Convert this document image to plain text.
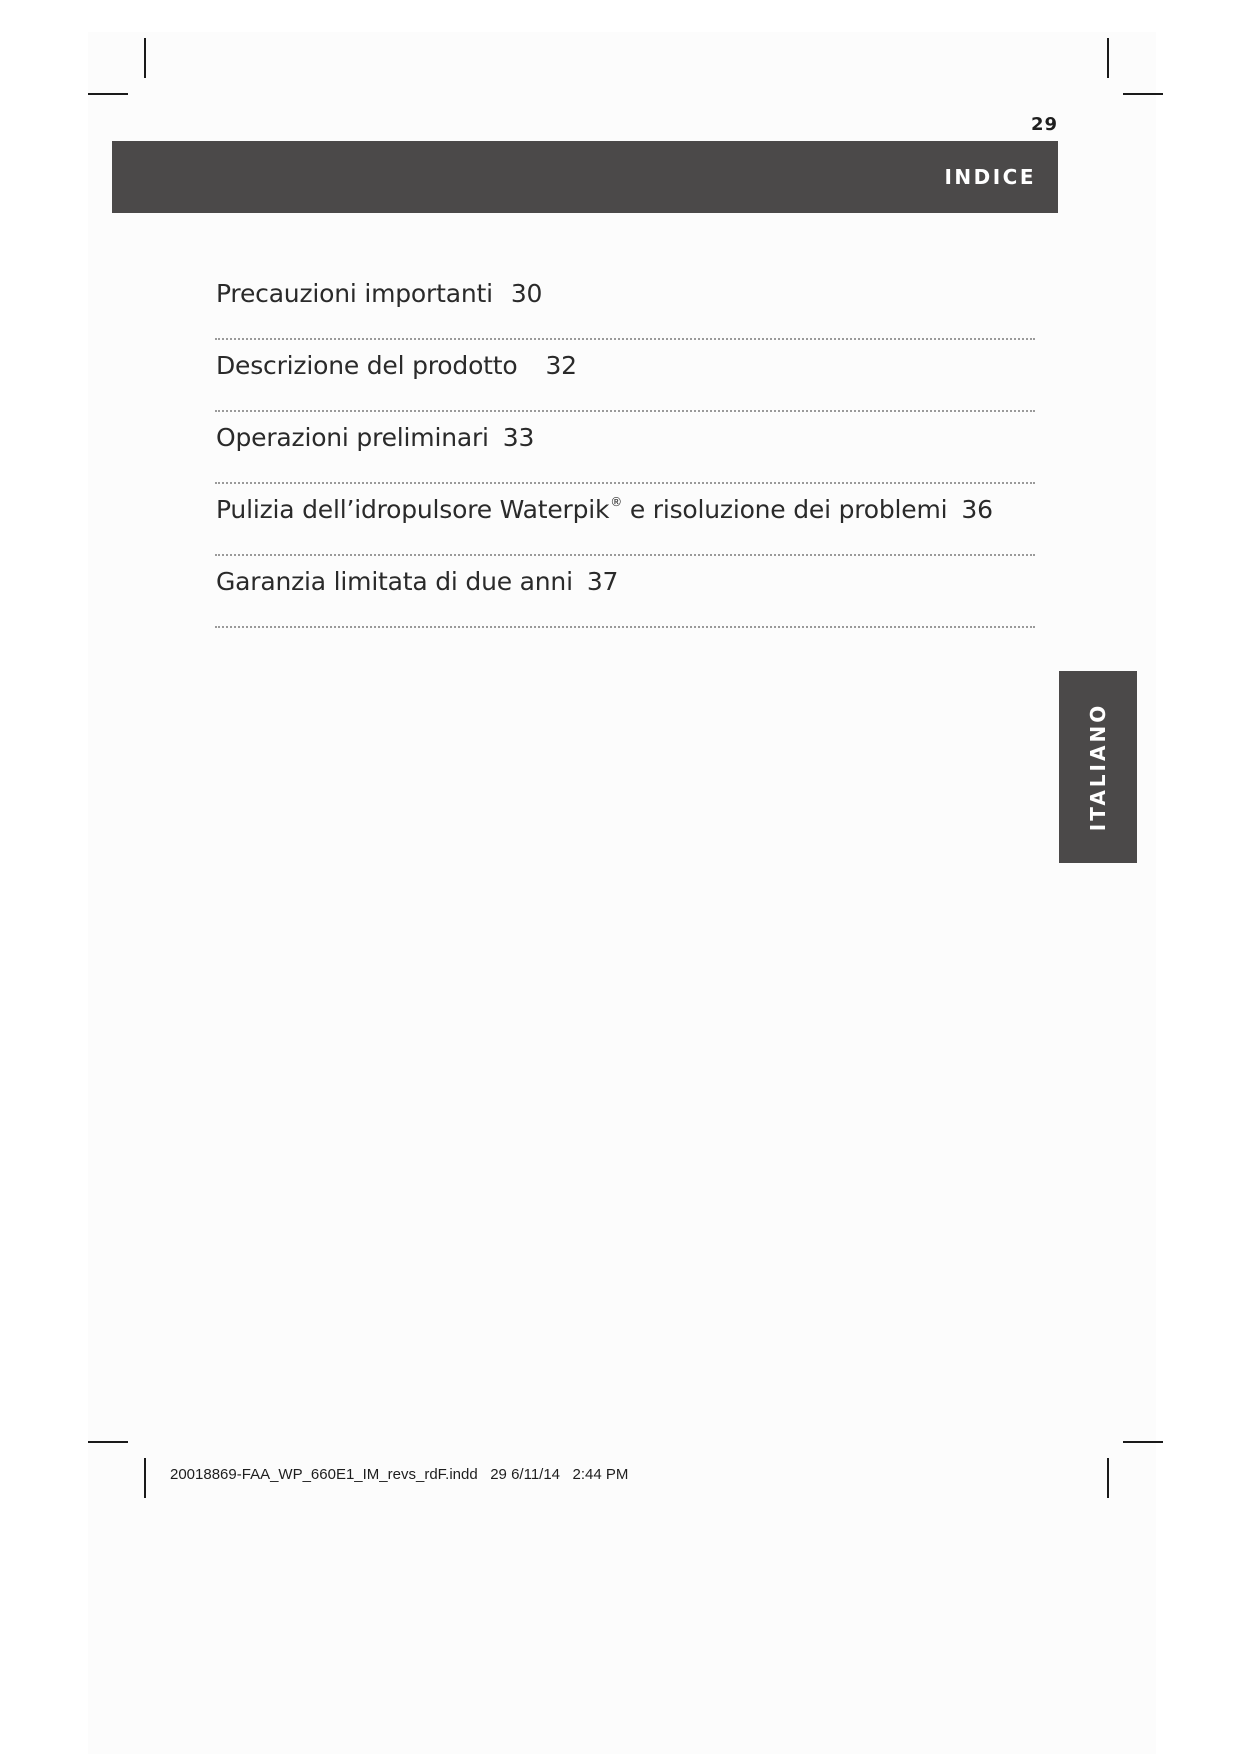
29
INDICE
Precauzioni importanti 30
Descrizione del prodotto 32
Operazioni preliminari 33
Pulizia dell’idropulsore Waterpik® e risoluzione dei problemi 36
Garanzia limitata di due anni 37
ITALIANO
20018869-FAA_WP_660E1_IM_revs_rdF.indd 29 6/11/14 2:44 PM
